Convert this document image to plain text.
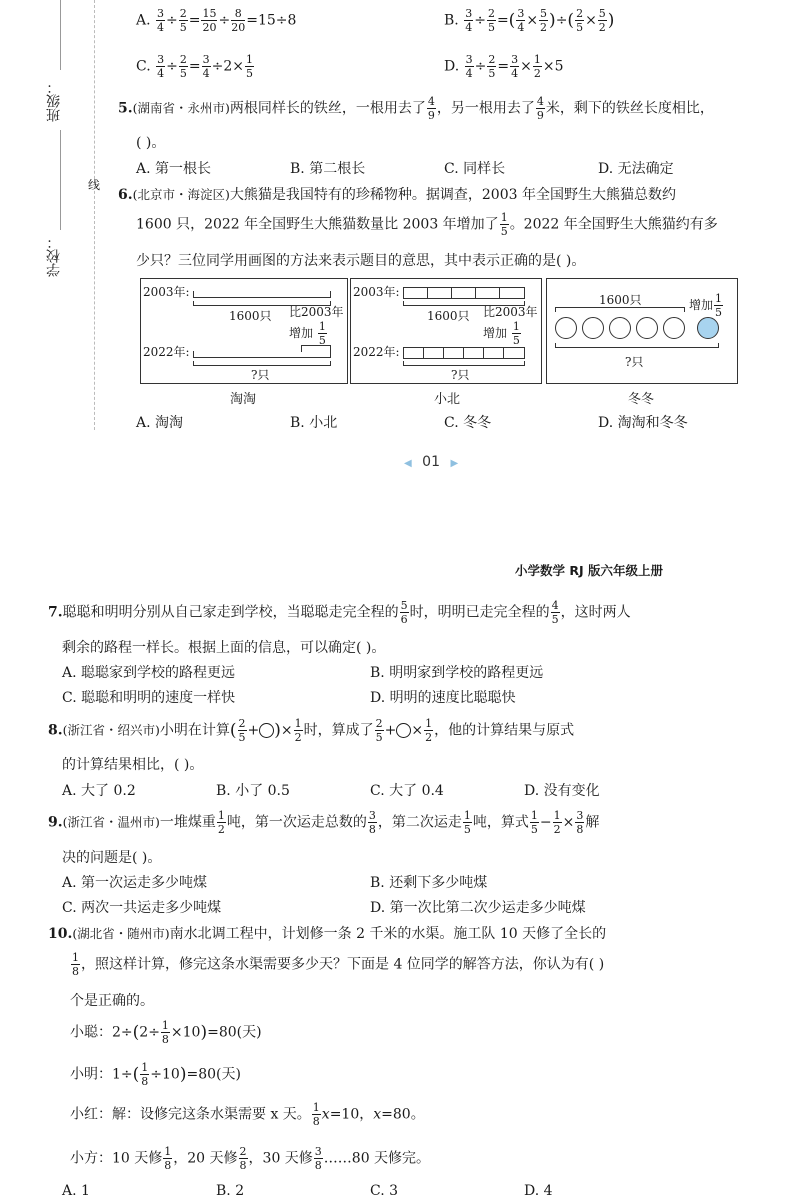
班级：
学校：
线
A. $\frac{3}{4} \div \frac{2}{5} = \frac{15}{20} \div \frac{8}{20} =15\div 8$	B. $\frac{3}{4} \div \frac{2}{5}$ =( $\frac{3}{4} \times \frac{5}{2}$ )÷( $\frac{2}{5} \times \frac{5}{2}$ )
C. $\frac{3}{4} \div \frac{2}{5} = \frac{3}{4} \div 2\times \frac{1}{5}$	D. $\frac{3}{4} \div \frac{2}{5} = \frac{3}{4} \times \frac{1}{2} \times 5$
5.(湖南省・永州市)两根同样长的铁丝，一根用去了 $\frac{4}{9}$ ，另一根用去了 $\frac{4}{9}$ 米，剩下的铁丝长度相比，
( )。
A. 第一根长	B. 第二根长	C. 同样长	D. 无法确定
6.(北京市・海淀区)大熊猫是我国特有的珍稀物种。据调查，2003 年全国野生大熊猫总数约
1600 只，2022 年全国野生大熊猫数量比 2003 年增加了 $\frac{1}{5}$ 。2022 年全国野生大熊猫约有多
少只？三位同学用画图的方法来表示题目的意思，其中表示正确的是( )。
2003年:
1600只 比2003年
增加 $\frac{1}{5}$
2022年:
?只
淘淘
2003年:
1600只 比2003年
增加 $\frac{1}{5}$
2022年:
?只
小北
1600只	增加 $\frac{1}{5}$
?只
冬冬
A. 淘淘	B. 小北	C. 冬冬	D. 淘淘和冬冬
◀ 01 ▶
小学数学 RJ 版六年级上册
7.聪聪和明明分别从自己家走到学校，当聪聪走完全程的 $\frac{5}{6}$ 时，明明已走完全程的 $\frac{4}{5}$ ，这时两人
剩余的路程一样长。根据上面的信息，可以确定( )。
A. 聪聪家到学校的路程更远	B. 明明家到学校的路程更远
C. 聪聪和明明的速度一样快	D. 明明的速度比聪聪快
8.(浙江省・绍兴市)小明在计算( $\frac{2}{5}$ + )× $\frac{1}{2}$ 时，算成了 $\frac{2}{5}$ + × $\frac{1}{2}$ ，他的计算结果与原式
的计算结果相比，( )。
A. 大了 0.2	B. 小了 0.5	C. 大了 0.4	D. 没有变化
9.(浙江省・温州市)一堆煤重 $\frac{1}{2}$ 吨，第一次运走总数的 $\frac{3}{8}$ ，第二次运走 $\frac{1}{5}$ 吨，算式 $\frac{1}{5} - \frac{1}{2} \times \frac{3}{8}$ 解
决的问题是( )。
A. 第一次运走多少吨煤	B. 还剩下多少吨煤
C. 两次一共运走多少吨煤	D. 第一次比第二次少运走多少吨煤
10.(湖北省・随州市)南水北调工程中，计划修一条 2 千米的水渠。施工队 10 天修了全长的
$\frac{1}{8}$ ，照这样计算，修完这条水渠需要多少天？下面是 4 位同学的解答方法，你认为有( )
个是正确的。
小聪：$2\div(2\div \frac{1}{8} \times 10)=80$(天)
小明：$1\div( \frac{1}{8} \div 10)=80$(天)
小红：解：设修完这条水渠需要 x 天。 $\frac{1}{8} x=10$，x=80。
小方：10 天修 $\frac{1}{8}$ ，20 天修 $\frac{2}{8}$ ，30 天修 $\frac{3}{8}$ ……80 天修完。
A. 1	B. 2	C. 3	D. 4
